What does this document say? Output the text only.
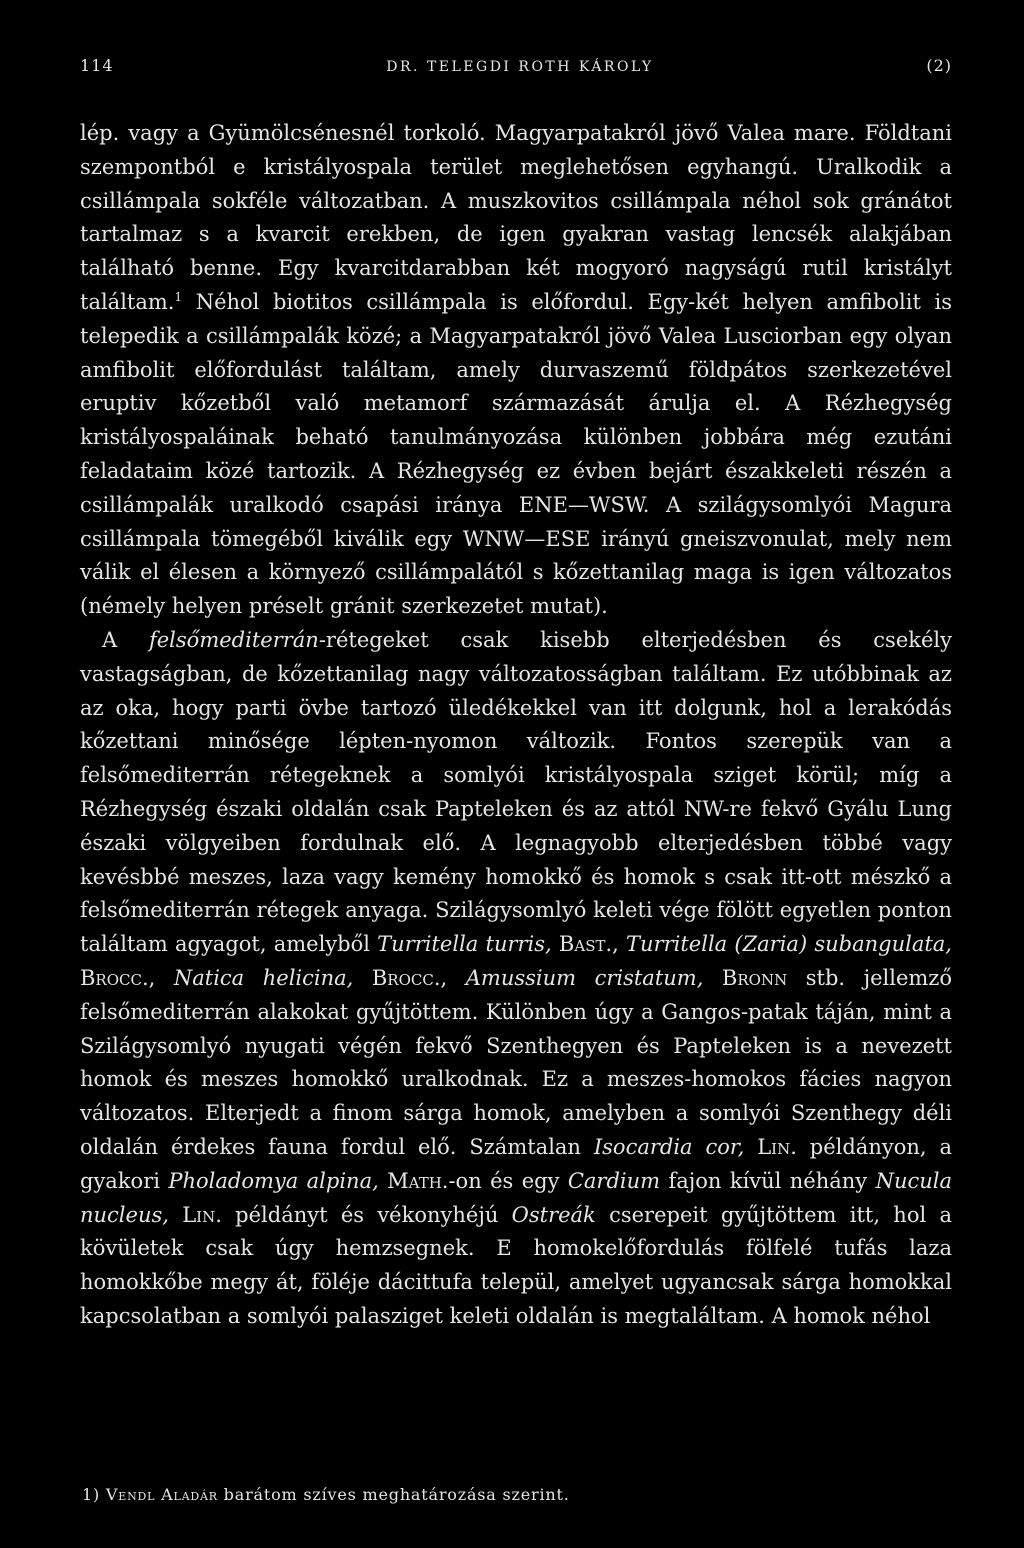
114	DR. TELEGDI ROTH KÁROLY	(2)

lép. vagy a Gyümölcsénesnél torkoló. Magyarpatakról jövő Valea mare. Földtani szempontból e kristályospala terület meglehetősen egyhangú. Uralkodik a csillámpala sokféle változatban. A muszkovitos csillámpala néhol sok gránátot tartalmaz s a kvarcit erekben, de igen gyakran vastag lencsék alakjában található benne. Egy kvarcitdarabban két mogyoró nagyságú rutil kristályt találtam.$^1$ Néhol biotitos csillámpala is előfordul. Egy-két helyen amfibolit is telepedik a csillámpalák közé; a Magyarpatakról jövő Valea Lusciorban egy olyan amfibolit előfordulást találtam, amely durvaszemű földpátos szerkezetével eruptiv kőzetből való metamorf származását árulja el. A Rézhegység kristályospaláinak beható tanulmányozása különben jobbára még ezutáni feladataim közé tartozik. A Rézhegység ez évben bejárt északkeleti részén a csillámpalák uralkodó csapási iránya ENE—WSW. A szilágysomlyói Magura csillámpala tömegéből kiválik egy WNW—ESE irányú gneiszvonulat, mely nem válik el élesen a környező csillámpalától s kőzettanilag maga is igen változatos (némely helyen préselt gránit szerkezetet mutat).

A felsőmediterrán-rétegeket csak kisebb elterjedésben és csekély vastagságban, de kőzettanilag nagy változatosságban találtam. Ez utóbbinak az az oka, hogy parti övbe tartozó üledékekkel van itt dolgunk, hol a lerakódás kőzettani minősége lépten-nyomon változik. Fontos szerepük van a felsőmediterrán rétegeknek a somlyói kristályospala sziget körül; míg a Rézhegység északi oldalán csak Papteleken és az attól NW-re fekvő Gyálu Lung északi völgyeiben fordulnak elő. A legnagyobb elterjedésben többé vagy kevésbbé meszes, laza vagy kemény homokkő és homok s csak itt-ott mészkő a felsőmediterrán rétegek anyaga. Szilágysomlyó keleti vége fölött egyetlen ponton találtam agyagot, amelyből Turritella turris, Bast., Turritella (Zaria) subangulata, Brocc., Natica helicina, Brocc., Amussium cristatum, Bronn stb. jellemző felsőmediterrán alakokat gyűjtöttem. Különben úgy a Gangos-patak táján, mint a Szilágysomlyó nyugati végén fekvő Szenthegyen és Papteleken is a nevezett homok és meszes homokkő uralkodnak. Ez a meszes-homokos fácies nagyon változatos. Elterjedt a finom sárga homok, amelyben a somlyói Szenthegy déli oldalán érdekes fauna fordul elő. Számtalan Isocardia cor, Lin. példányon, a gyakori Pholadomya alpina, Math.-on és egy Cardium fajon kívül néhány Nucula nucleus, Lin. példányt és vékonyhéjú Ostreák cserepeit gyűjtöttem itt, hol a kövületek csak úgy hemzsegnek. E homokelőfordulás fölfelé tufás laza homokkőbe megy át, föléje dácittufa települ, amelyet ugyancsak sárga homokkal kapcsolatban a somlyói palasziget keleti oldalán is megtaláltam. A homok néhol

1) Vendl Aladár barátom szíves meghatározása szerint.
